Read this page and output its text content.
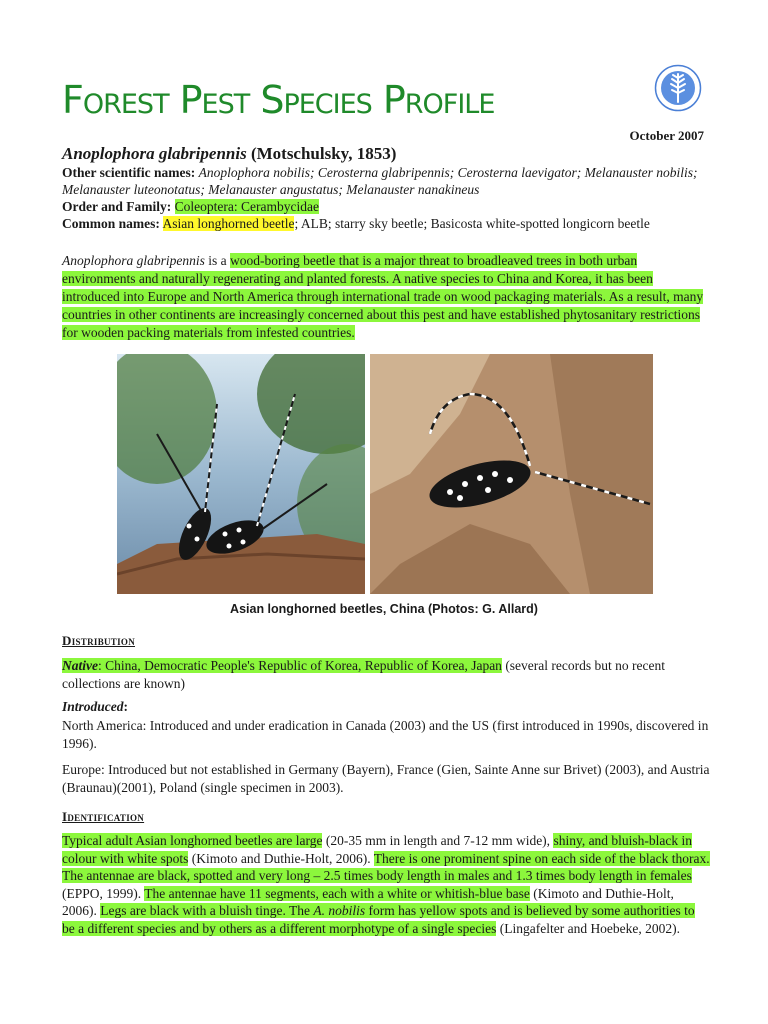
Forest Pest Species Profile
October 2007
Anoplophora glabripennis (Motschulsky, 1853)

Other scientific names: Anoplophora nobilis; Cerosterna glabripennis; Cerosterna laevigator; Melanauster nobilis; Melanauster luteonotatus; Melanauster angustatus; Melanauster nanakineus

Order and Family: Coleoptera: Cerambycidae

Common names: Asian longhorned beetle; ALB; starry sky beetle; Basicosta white-spotted longicorn beetle

Anoplophora glabripennis is a wood-boring beetle that is a major threat to broadleaved trees in both urban environments and naturally regenerating and planted forests. A native species to China and Korea, it has been introduced into Europe and North America through international trade on wood packaging materials. As a result, many countries in other continents are increasingly concerned about this pest and have established phytosanitary restrictions for wooden packing materials from infested countries.

Asian longhorned beetles, China (Photos: G. Allard)
Distribution

Native: China, Democratic People's Republic of Korea, Republic of Korea, Japan (several records but no recent collections are known)

Introduced:

North America: Introduced and under eradication in Canada (2003) and the US (first introduced in 1990s, discovered in 1996).

Europe: Introduced but not established in Germany (Bayern), France (Gien, Sainte Anne sur Brivet) (2003), and Austria (Braunau)(2001), Poland (single specimen in 2003).

Identification

Typical adult Asian longhorned beetles are large (20-35 mm in length and 7-12 mm wide), shiny, and bluish-black in colour with white spots (Kimoto and Duthie-Holt, 2006). There is one prominent spine on each side of the black thorax. The antennae are black, spotted and very long – 2.5 times body length in males and 1.3 times body length in females (EPPO, 1999). The antennae have 11 segments, each with a white or whitish-blue base (Kimoto and Duthie-Holt, 2006). Legs are black with a bluish tinge. The A. nobilis form has yellow spots and is believed by some authorities to be a different species and by others as a different morphotype of a single species (Lingafelter and Hoebeke, 2002).
